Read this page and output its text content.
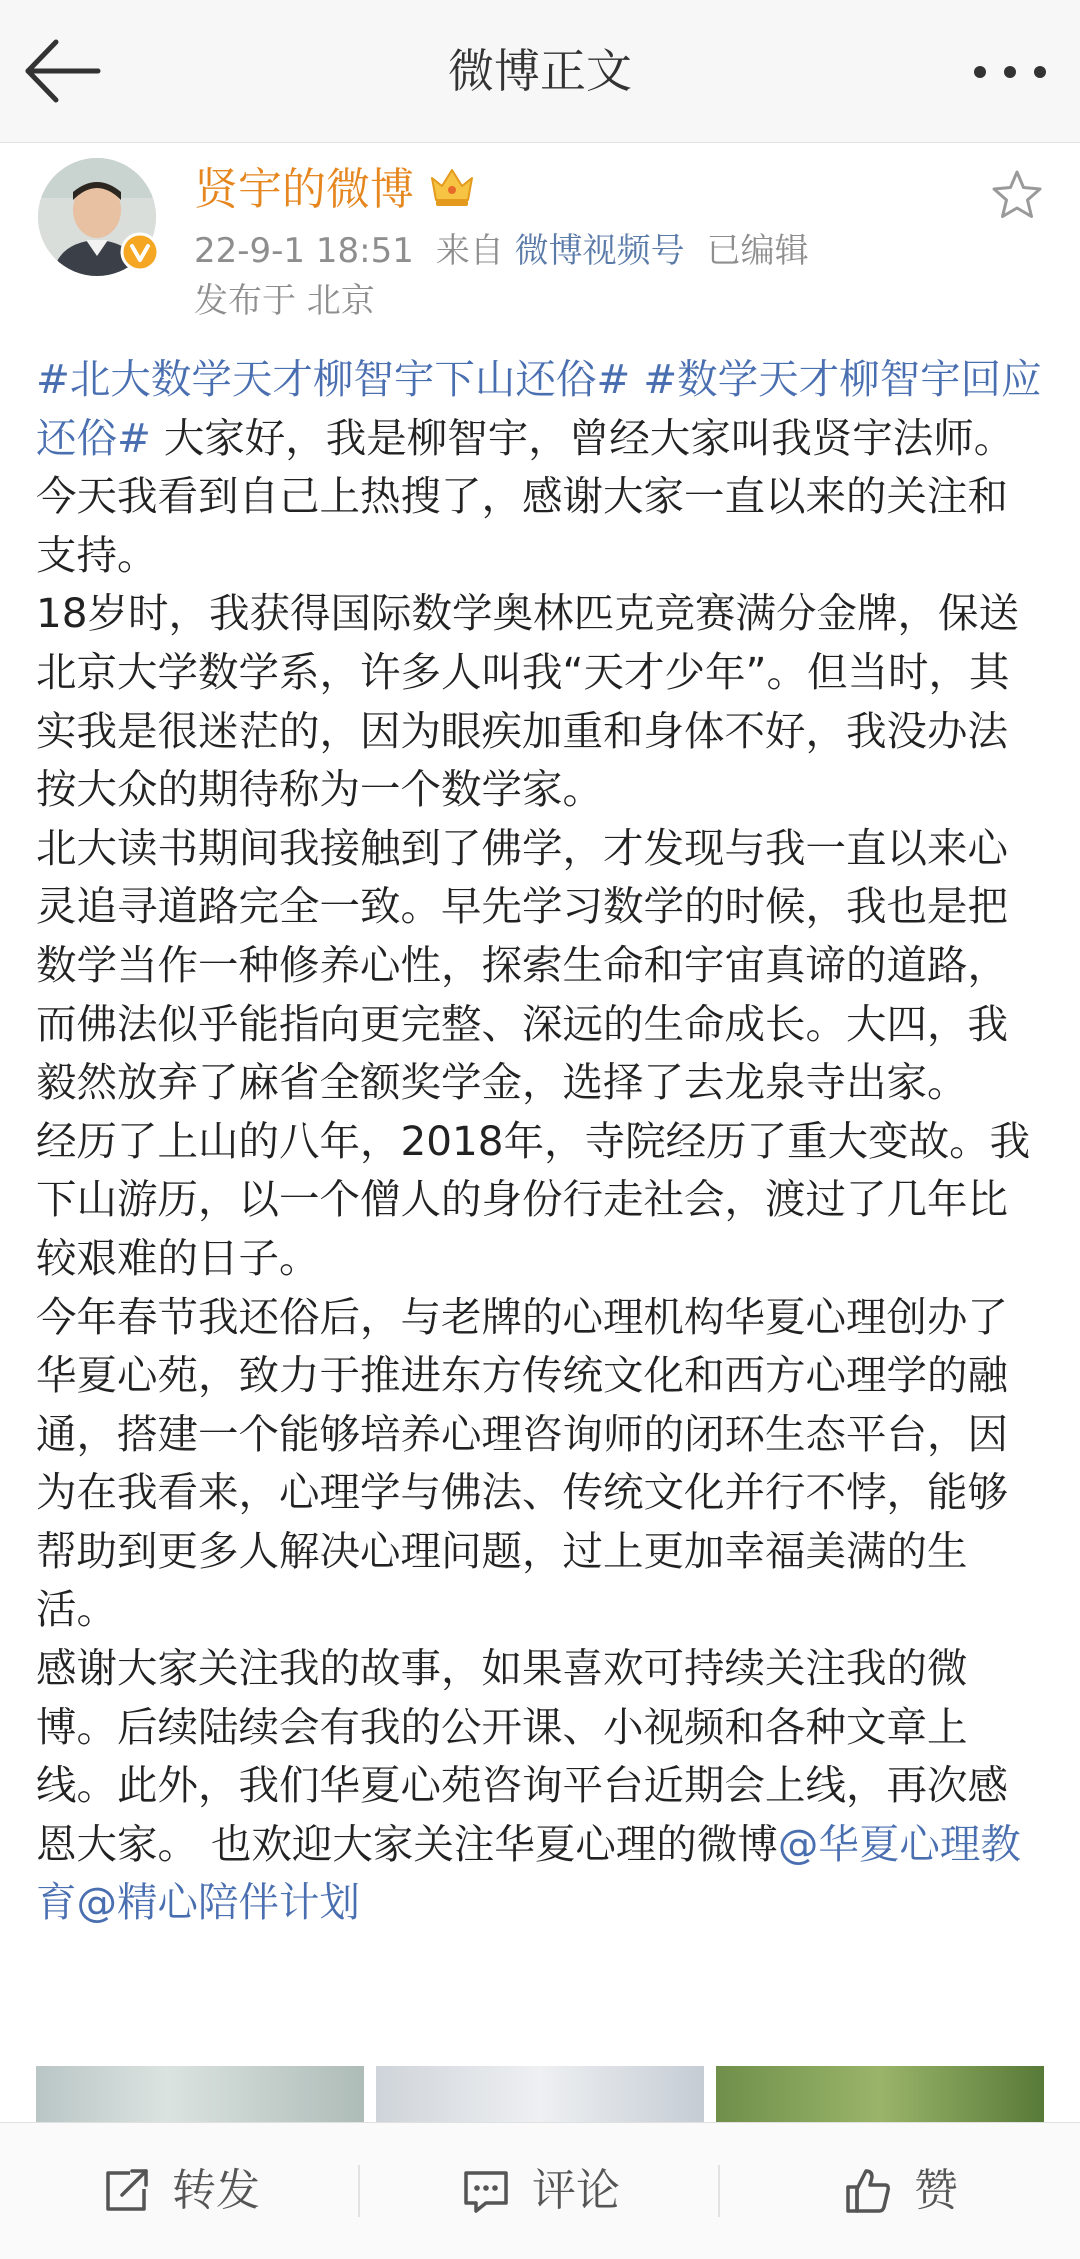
微博正文
贤宇的微博
22-9-1 18:51 来自 微博视频号 已编辑
发布于 北京

#北大数学天才柳智宇下山还俗# #数学天才柳智宇回应还俗# 大家好，我是柳智宇，曾经大家叫我贤宇法师。今天我看到自己上热搜了，感谢大家一直以来的关注和支持。

18岁时，我获得国际数学奥林匹克竞赛满分金牌，保送北京大学数学系，许多人叫我“天才少年”。但当时，其实我是很迷茫的，因为眼疾加重和身体不好，我没办法按大众的期待称为一个数学家。

北大读书期间我接触到了佛学，才发现与我一直以来心灵追寻道路完全一致。早先学习数学的时候，我也是把数学当作一种修养心性，探索生命和宇宙真谛的道路，而佛法似乎能指向更完整、深远的生命成长。大四，我毅然放弃了麻省全额奖学金，选择了去龙泉寺出家。

经历了上山的八年，2018年，寺院经历了重大变故。我下山游历，以一个僧人的身份行走社会，渡过了几年比较艰难的日子。

今年春节我还俗后，与老牌的心理机构华夏心理创办了华夏心苑，致力于推进东方传统文化和西方心理学的融通，搭建一个能够培养心理咨询师的闭环生态平台，因为在我看来，心理学与佛法、传统文化并行不悖，能够帮助到更多人解决心理问题，过上更加幸福美满的生活。

感谢大家关注我的故事，如果喜欢可持续关注我的微博。后续陆续会有我的公开课、小视频和各种文章上线。此外，我们华夏心苑咨询平台近期会上线，再次感恩大家。 也欢迎大家关注华夏心理的微博@华夏心理教育@精心陪伴计划

转发	评论	赞
